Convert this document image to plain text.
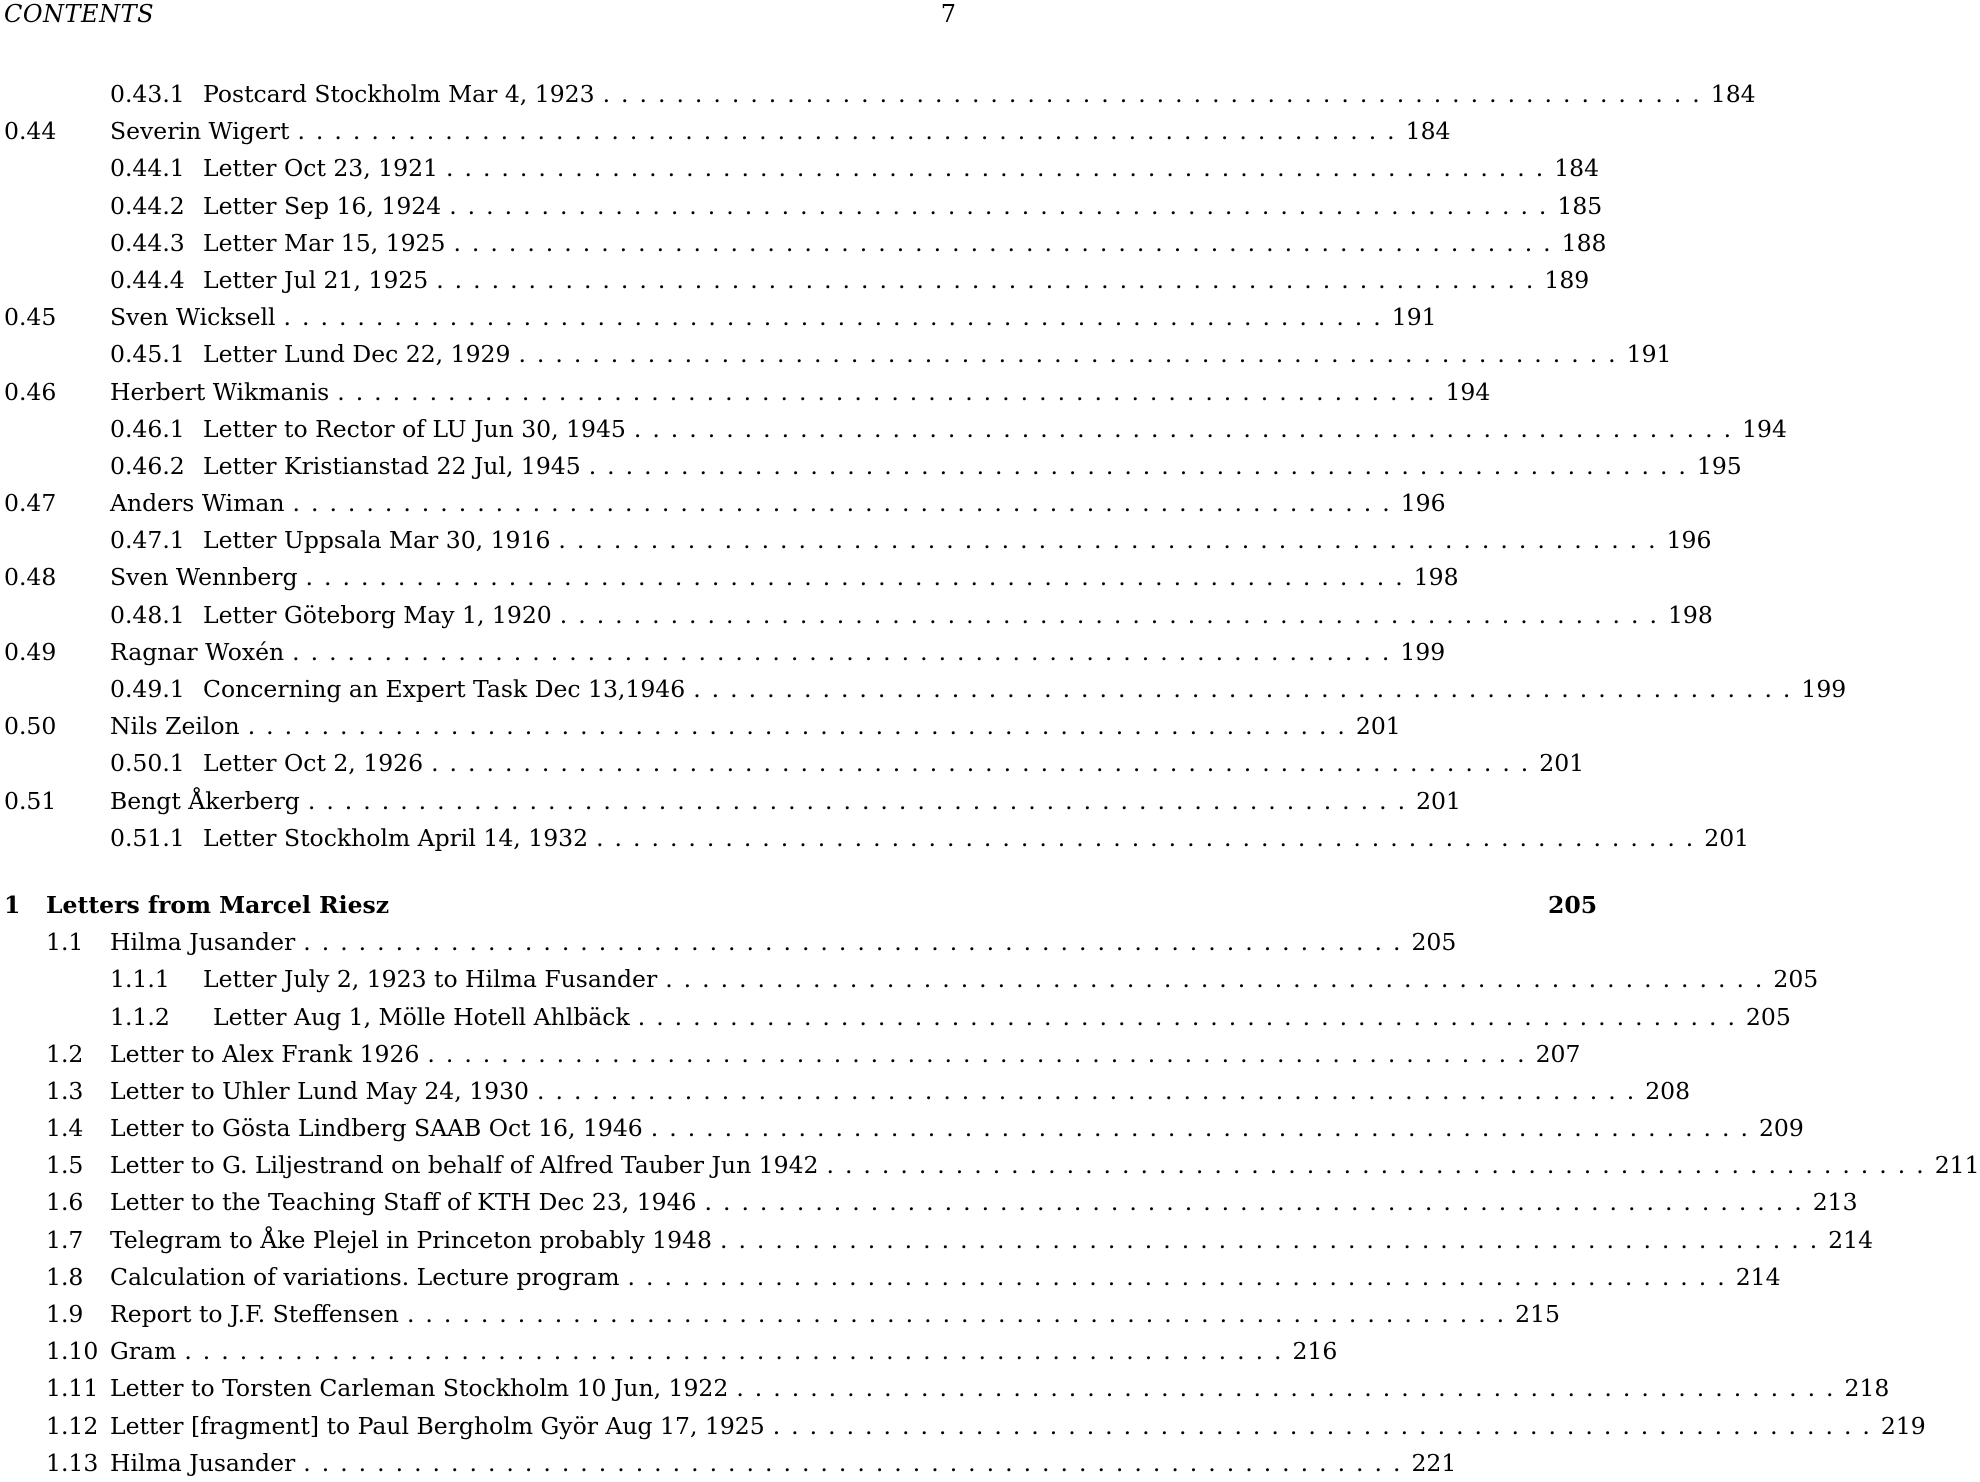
CONTENTS	7
0.43.1 Postcard Stockholm Mar 4, 1923 ............................................................ 184
0.44 Severin Wigert ............................................................ 184
0.44.1 Letter Oct 23, 1921 ............................................................ 184
0.44.2 Letter Sep 16, 1924 ............................................................ 185
0.44.3 Letter Mar 15, 1925 ............................................................ 188
0.44.4 Letter Jul 21, 1925 ............................................................ 189
0.45 Sven Wicksell ............................................................ 191
0.45.1 Letter Lund Dec 22, 1929 ............................................................ 191
0.46 Herbert Wikmanis ............................................................ 194
0.46.1 Letter to Rector of LU Jun 30, 1945 ............................................................ 194
0.46.2 Letter Kristianstad 22 Jul, 1945 ............................................................ 195
0.47 Anders Wiman ............................................................ 196
0.47.1 Letter Uppsala Mar 30, 1916 ............................................................ 196
0.48 Sven Wennberg ............................................................ 198
0.48.1 Letter Göteborg May 1, 1920 ............................................................ 198
0.49 Ragnar Woxén ............................................................ 199
0.49.1 Concerning an Expert Task Dec 13,1946 ............................................................ 199
0.50 Nils Zeilon ............................................................ 201
0.50.1 Letter Oct 2, 1926 ............................................................ 201
0.51 Bengt Åkerberg ............................................................ 201
0.51.1 Letter Stockholm April 14, 1932 ............................................................ 201
1 Letters from Marcel Riesz	205
1.1 Hilma Jusander ............................................................ 205
1.1.1 Letter July 2, 1923 to Hilma Fusander ............................................................ 205
1.1.2 Letter Aug 1, Mölle Hotell Ahlbäck ............................................................ 205
1.2 Letter to Alex Frank 1926 ............................................................ 207
1.3 Letter to Uhler Lund May 24, 1930 ............................................................ 208
1.4 Letter to Gösta Lindberg SAAB Oct 16, 1946 ............................................................ 209
1.5 Letter to G. Liljestrand on behalf of Alfred Tauber Jun 1942 ............................................................ 211
1.6 Letter to the Teaching Staff of KTH Dec 23, 1946 ............................................................ 213
1.7 Telegram to Åke Plejel in Princeton probably 1948 ............................................................ 214
1.8 Calculation of variations. Lecture program ............................................................ 214
1.9 Report to J.F. Steffensen ............................................................ 215
1.10 Gram ............................................................ 216
1.11 Letter to Torsten Carleman Stockholm 10 Jun, 1922 ............................................................ 218
1.12 Letter [fragment] to Paul Bergholm Györ Aug 17, 1925 ............................................................ 219
1.13 Hilma Jusander ............................................................ 221
